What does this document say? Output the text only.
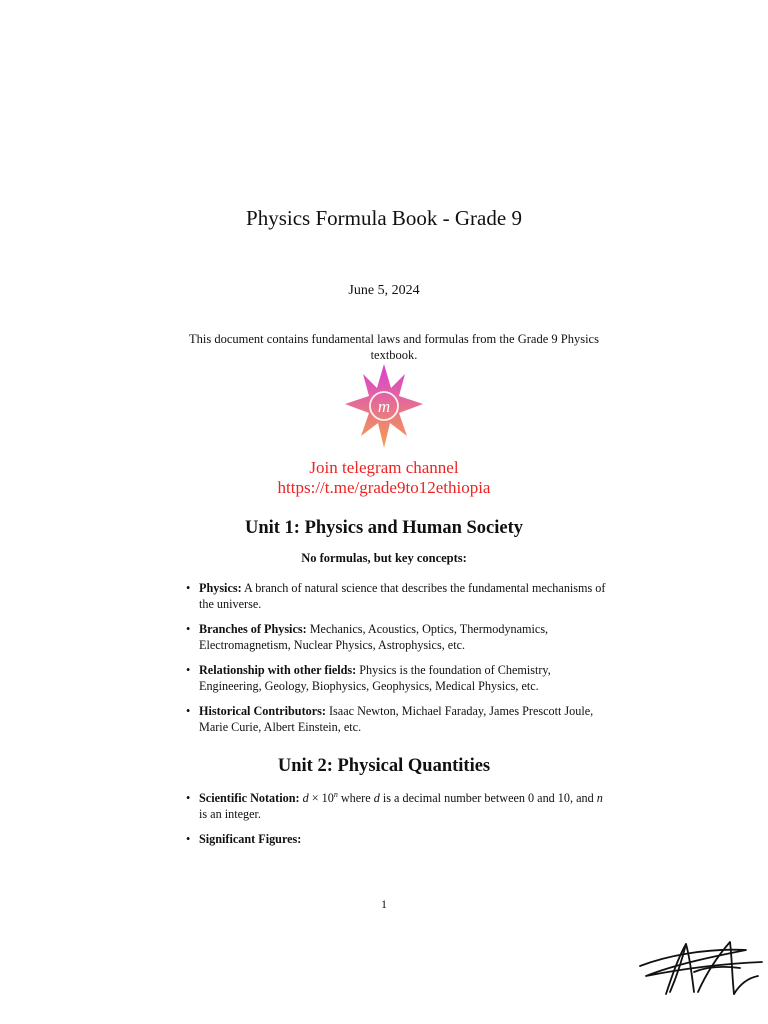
Physics Formula Book - Grade 9
June 5, 2024

This document contains fundamental laws and formulas from the Grade 9 Physics textbook.

m
Join telegram channel
https://t.me/grade9to12ethiopia
Unit 1: Physics and Human Society
No formulas, but key concepts:
• Physics: A branch of natural science that describes the fundamental mechanisms of the universe.
• Branches of Physics: Mechanics, Acoustics, Optics, Thermodynamics, Electromagnetism, Nuclear Physics, Astrophysics, etc.
• Relationship with other fields: Physics is the foundation of Chemistry, Engineering, Geology, Biophysics, Geophysics, Medical Physics, etc.
• Historical Contributors: Isaac Newton, Michael Faraday, James Prescott Joule, Marie Curie, Albert Einstein, etc.
Unit 2: Physical Quantities
• Scientific Notation: $d \times 10^n$ where d is a decimal number between 0 and 10, and n is an integer.
• Significant Figures:
1
